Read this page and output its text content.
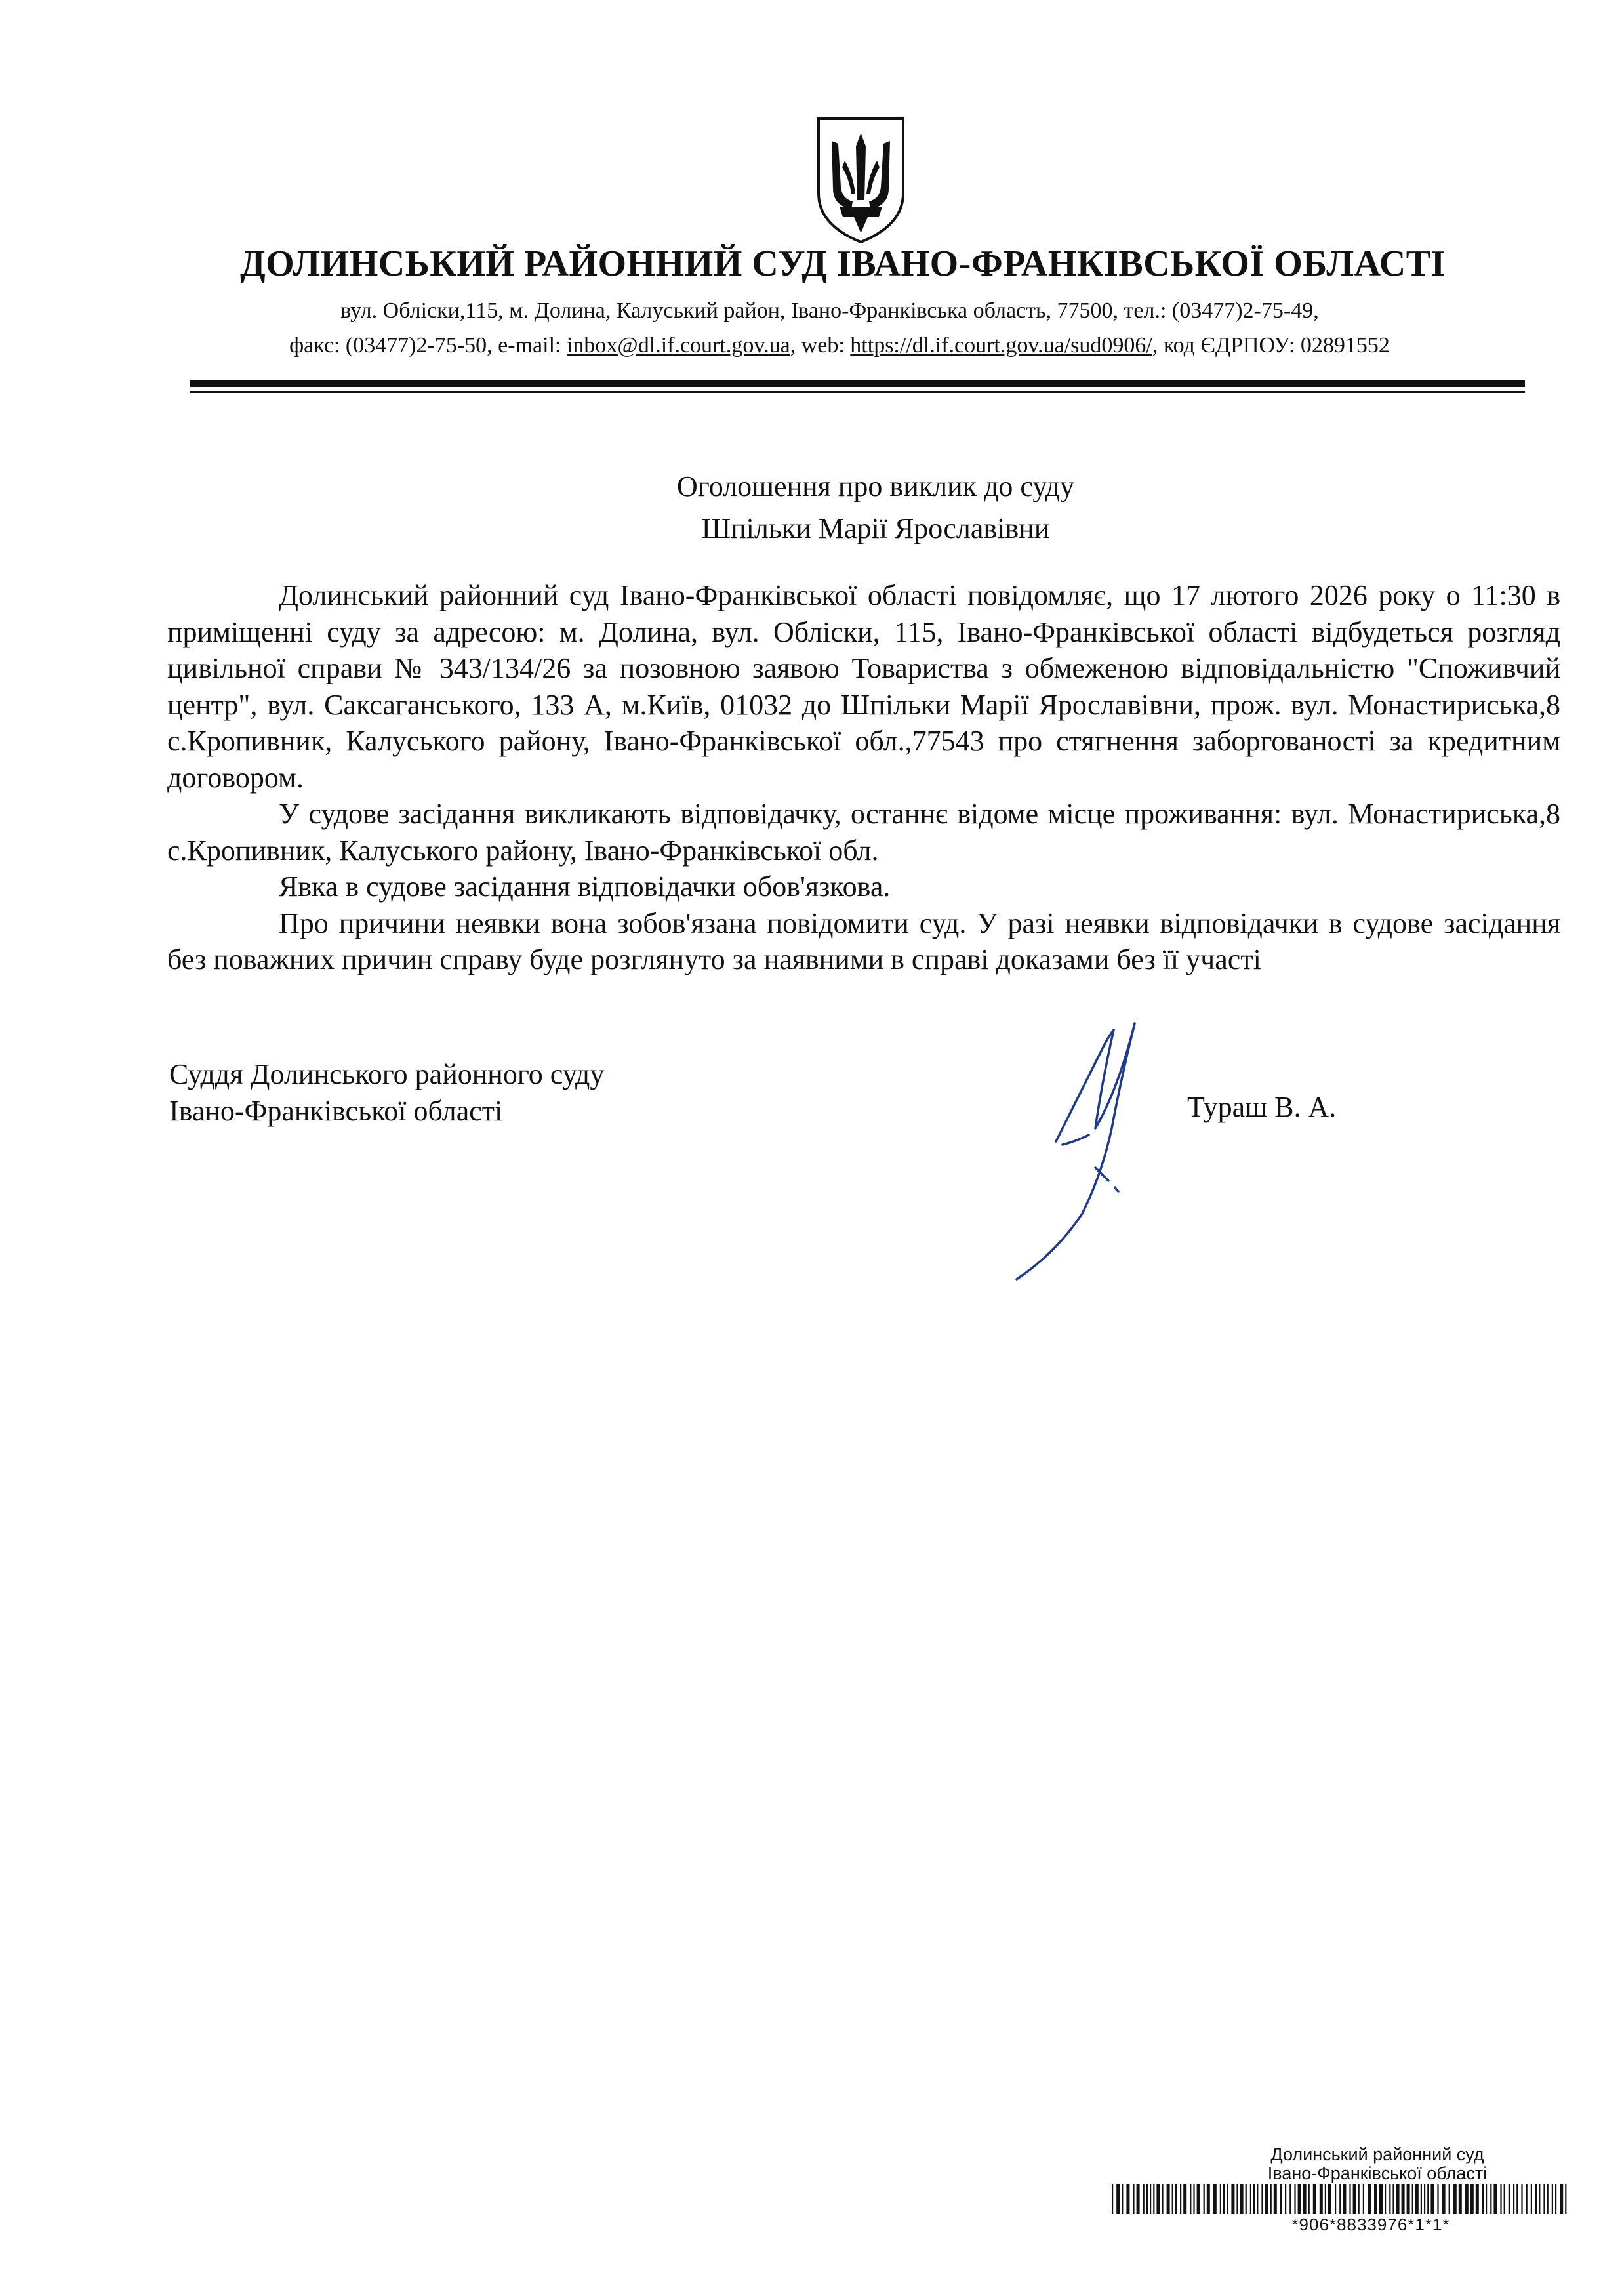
ДОЛИНСЬКИЙ РАЙОННИЙ СУД ІВАНО-ФРАНКІВСЬКОЇ ОБЛАСТІ
вул. Обліски,115, м. Долина, Калуський район, Івано-Франківська область, 77500, тел.: (03477)2-75-49,
факс: (03477)2-75-50, e-mail: inbox@dl.if.court.gov.ua, web: https://dl.if.court.gov.ua/sud0906/, код ЄДРПОУ: 02891552
Оголошення про виклик до суду
Шпільки Марії Ярославівни

Долинський районний суд Івано-Франківської області повідомляє, що 17 лютого 2026 року о 11:30 в приміщенні суду за адресою: м. Долина, вул. Обліски, 115, Івано-Франківської області відбудеться розгляд цивільної справи № 343/134/26 за позовною заявою Товариства з обмеженою відповідальністю "Споживчий центр", вул. Саксаганського, 133 А, м.Київ, 01032 до Шпільки Марії Ярославівни, прож. вул. Монастириська,8 с.Кропивник, Калуського району, Івано-Франківської обл.,77543 про стягнення заборгованості за кредитним договором.

У судове засідання викликають відповідачку, останнє відоме місце проживання: вул. Монастириська,8 с.Кропивник, Калуського району, Івано-Франківської обл.

Явка в судове засідання відповідачки обов'язкова.

Про причини неявки вона зобов'язана повідомити суд. У разі неявки відповідачки в судове засідання без поважних причин справу буде розглянуто за наявними в справі доказами без її участі

Суддя Долинського районного суду
Івано-Франківської області	Тураш В. А.
Долинський районний суд
Івано-Франківської області
*906*8833976*1*1*
